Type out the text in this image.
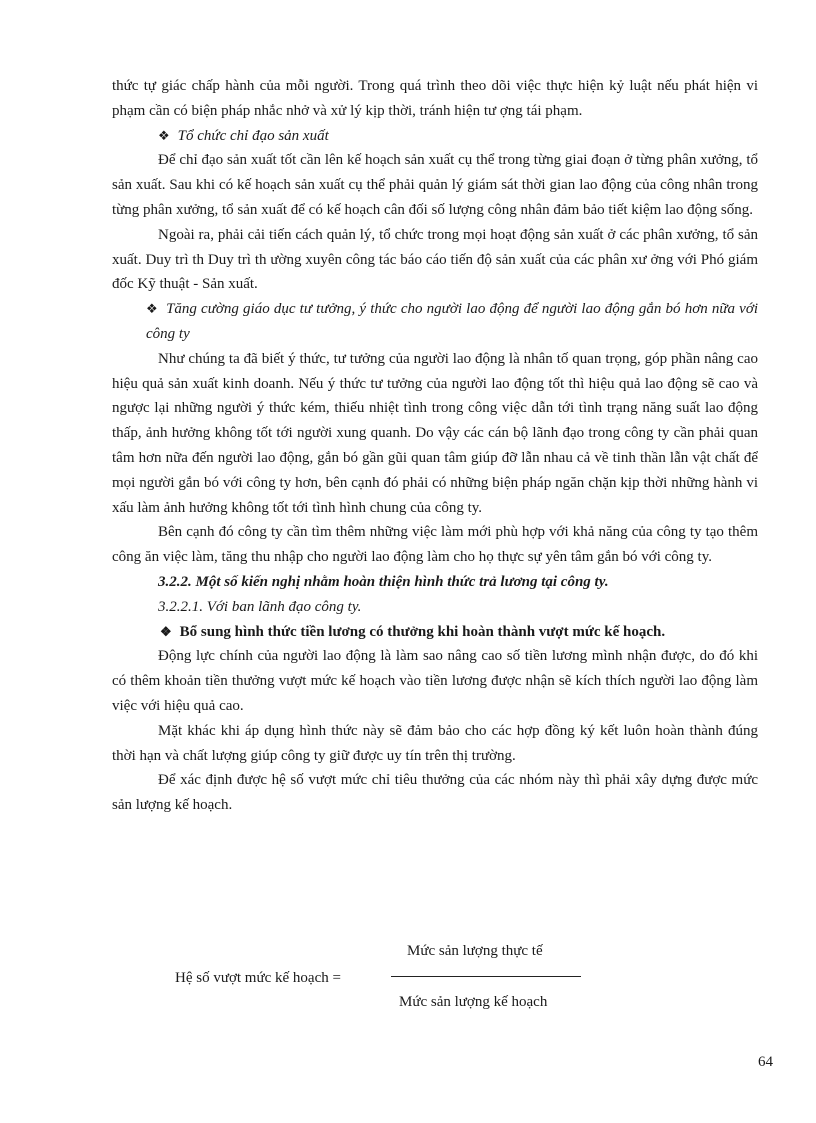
thức tự giác chấp hành của mỗi người. Trong quá trình theo dõi việc thực hiện kỷ luật nếu phát hiện vi phạm cần có biện pháp nhắc nhở và xử lý kịp thời, tránh hiện tư ợng tái phạm.

❖ Tổ chức chỉ đạo sản xuất

Để chỉ đạo sản xuất tốt cần lên kế hoạch sản xuất cụ thể trong từng giai đoạn ở từng phân xưởng, tổ sản xuất. Sau khi có kế hoạch sản xuất cụ thể phải quản lý giám sát thời gian lao động của công nhân trong từng phân xưởng, tổ sản xuất để có kế hoạch cân đối số lượng công nhân đảm bảo tiết kiệm lao động sống.

Ngoài ra, phải cải tiến cách quản lý, tổ chức trong mọi hoạt động sản xuất ở các phân xưởng, tổ sản xuất. Duy trì th Duy trì th ường xuyên công tác báo cáo tiến độ sản xuất của các phân xư ởng với Phó giám đốc Kỹ thuật - Sản xuất.

❖ Tăng cường giáo dục tư tưởng, ý thức cho người lao động để người lao động gắn bó hơn nữa với công ty

Như chúng ta đã biết ý thức, tư tưởng của người lao động là nhân tố quan trọng, góp phần nâng cao hiệu quả sản xuất kinh doanh. Nếu ý thức tư tưởng của người lao động tốt thì hiệu quả lao động sẽ cao và ngược lại những người ý thức kém, thiếu nhiệt tình trong công việc dẫn tới tình trạng năng suất lao động thấp, ảnh hưởng không tốt tới người xung quanh. Do vậy các cán bộ lãnh đạo trong công ty cần phải quan tâm hơn nữa đến người lao động, gắn bó gần gũi quan tâm giúp đỡ lẫn nhau cả về tinh thần lẫn vật chất để mọi người gắn bó với công ty hơn, bên cạnh đó phải có những biện pháp ngăn chặn kịp thời những hành vi xấu làm ảnh hưởng không tốt tới tình hình chung của công ty.

Bên cạnh đó công ty cần tìm thêm những việc làm mới phù hợp với khả năng của công ty tạo thêm công ăn việc làm, tăng thu nhập cho người lao động làm cho họ thực sự yên tâm gắn bó với công ty.

3.2.2. Một số kiến nghị nhằm hoàn thiện hình thức trả lương tại công ty.

3.2.2.1. Với ban lãnh đạo công ty.

❖ Bổ sung hình thức tiền lương có thưởng khi hoàn thành vượt mức kế hoạch.

Động lực chính của người lao động là làm sao nâng cao số tiền lương mình nhận được, do đó khi có thêm khoản tiền thưởng vượt mức kế hoạch vào tiền lương được nhận sẽ kích thích người lao động làm việc với hiệu quả cao.

Mặt khác khi áp dụng hình thức này sẽ đảm bảo cho các hợp đồng ký kết luôn hoàn thành đúng thời hạn và chất lượng giúp công ty giữ được uy tín trên thị trường.

Để xác định được hệ số vượt mức chỉ tiêu thưởng của các nhóm này thì phải xây dựng được mức sản lượng kế hoạch.

Hệ số vượt mức kế hoạch =
Mức sản lượng thực tế
Mức sản lượng kế hoạch
64
